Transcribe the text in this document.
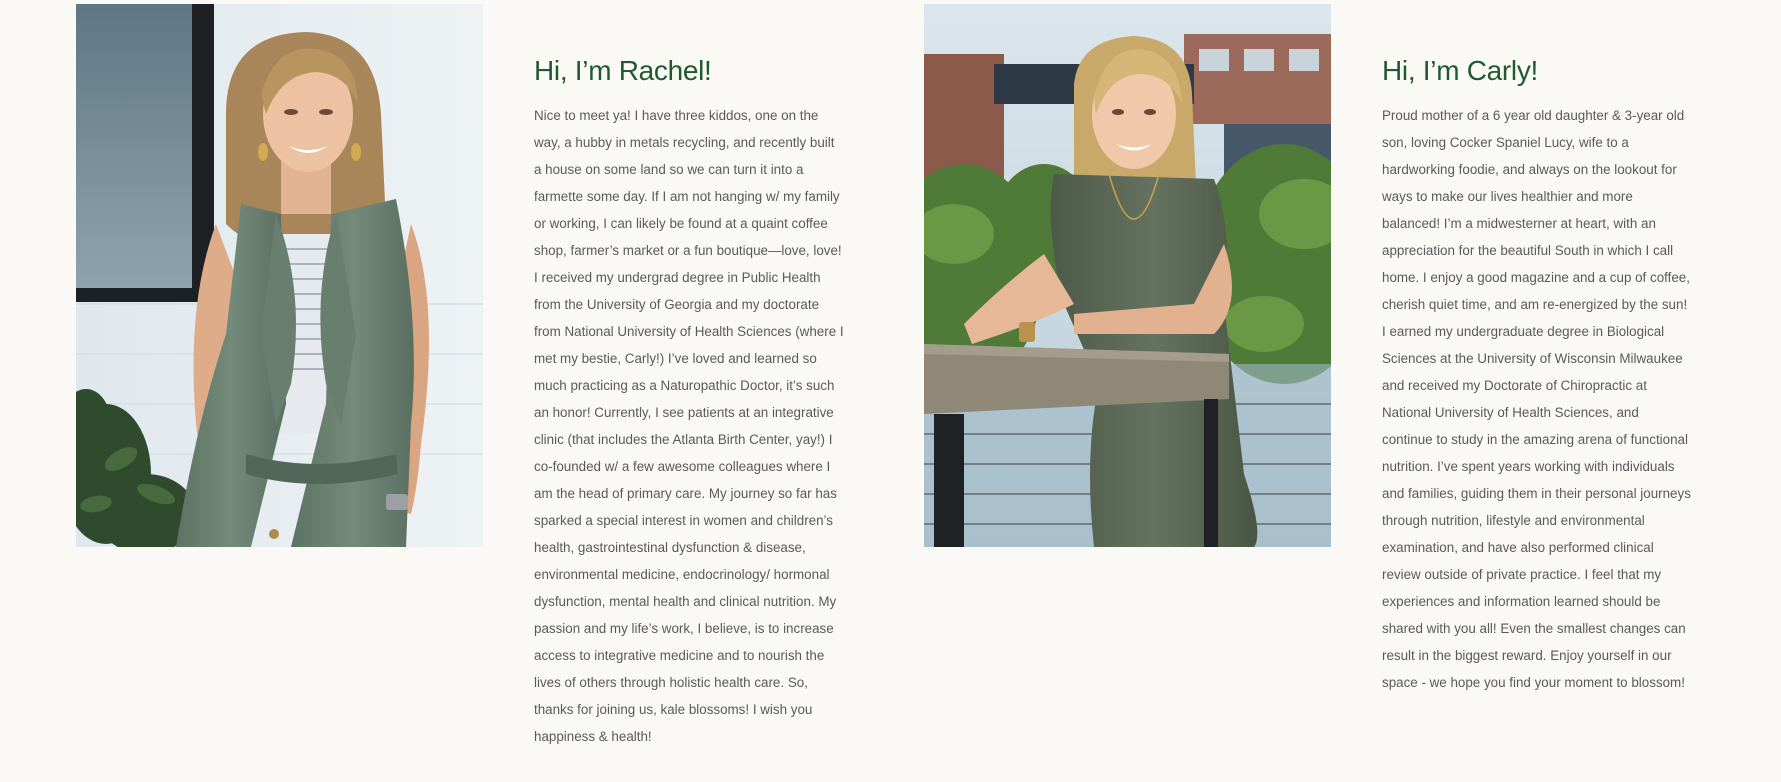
Hi, I’m Rachel!

Nice to meet ya! I have three kiddos, one on the way, a hubby in metals recycling, and recently built a house on some land so we can turn it into a farmette some day. If I am not hanging w/ my family or working, I can likely be found at a quaint coffee shop, farmer’s market or a fun boutique—love, love! I received my undergrad degree in Public Health from the University of Georgia and my doctorate from National University of Health Sciences (where I met my bestie, Carly!) I’ve loved and learned so much practicing as a Naturopathic Doctor, it’s such an honor! Currently, I see patients at an integrative clinic (that includes the Atlanta Birth Center, yay!) I co-founded w/ a few awesome colleagues where I am the head of primary care. My journey so far has sparked a special interest in women and children’s health, gastrointestinal dysfunction & disease, environmental medicine, endocrinology/ hormonal dysfunction, mental health and clinical nutrition. My passion and my life’s work, I believe, is to increase access to integrative medicine and to nourish the lives of others through holistic health care. So, thanks for joining us, kale blossoms! I wish you happiness & health!

Hi, I’m Carly!

Proud mother of a 6 year old daughter & 3-year old son, loving Cocker Spaniel Lucy, wife to a hardworking foodie, and always on the lookout for ways to make our lives healthier and more balanced! I’m a midwesterner at heart, with an appreciation for the beautiful South in which I call home. I enjoy a good magazine and a cup of coffee, cherish quiet time, and am re-energized by the sun! I earned my undergraduate degree in Biological Sciences at the University of Wisconsin Milwaukee and received my Doctorate of Chiropractic at National University of Health Sciences, and continue to study in the amazing arena of functional nutrition. I’ve spent years working with individuals and families, guiding them in their personal journeys through nutrition, lifestyle and environmental examination, and have also performed clinical review outside of private practice. I feel that my experiences and information learned should be shared with you all! Even the smallest changes can result in the biggest reward. Enjoy yourself in our space - we hope you find your moment to blossom!
